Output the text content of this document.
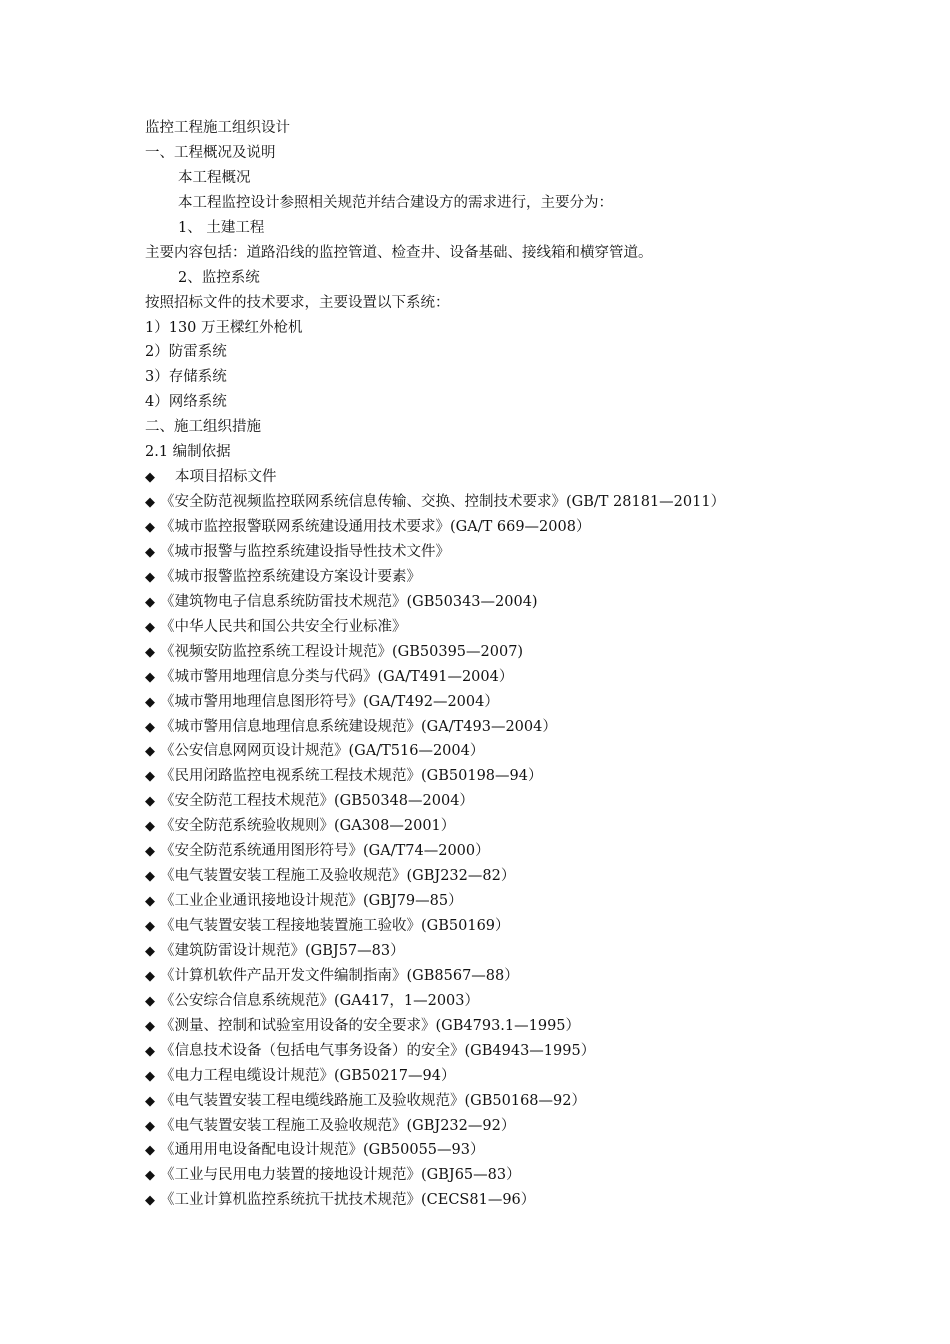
监控工程施工组织设计
一、工程概况及说明
本工程概况
本工程监控设计参照相关规范并结合建设方的需求进行，主要分为：
1、 土建工程
主要内容包括：道路沿线的监控管道、检查井、设备基础、接线箱和横穿管道。
2、监控系统
按照招标文件的技术要求，主要设置以下系统：
1）130 万王樑红外枪机
2）防雷系统
3）存储系统
4）网络系统
二、施工组织措施
2.1 编制依据
◆ 本项目招标文件
◆ 《安全防范视频监控联网系统信息传输、交换、控制技术要求》(GB/T 28181—2011）
◆ 《城市监控报警联网系统建设通用技术要求》(GA/T 669—2008）
◆ 《城市报警与监控系统建设指导性技术文件》
◆ 《城市报警监控系统建设方案设计要素》
◆ 《建筑物电子信息系统防雷技术规范》(GB50343—2004)
◆ 《中华人民共和国公共安全行业标准》
◆ 《视频安防监控系统工程设计规范》(GB50395—2007)
◆ 《城市警用地理信息分类与代码》(GA/T491—2004）
◆ 《城市警用地理信息图形符号》(GA/T492—2004）
◆ 《城市警用信息地理信息系统建设规范》(GA/T493—2004）
◆ 《公安信息网网页设计规范》(GA/T516—2004）
◆ 《民用闭路监控电视系统工程技术规范》(GB50198—94）
◆ 《安全防范工程技术规范》(GB50348—2004）
◆ 《安全防范系统验收规则》(GA308—2001）
◆ 《安全防范系统通用图形符号》(GA/T74—2000）
◆ 《电气装置安装工程施工及验收规范》(GBJ232—82）
◆ 《工业企业通讯接地设计规范》(GBJ79—85）
◆ 《电气装置安装工程接地装置施工验收》(GB50169）
◆ 《建筑防雷设计规范》(GBJ57—83）
◆ 《计算机软件产品开发文件编制指南》(GB8567—88）
◆ 《公安综合信息系统规范》(GA417，1—2003）
◆ 《测量、控制和试验室用设备的安全要求》(GB4793.1—1995）
◆ 《信息技术设备（包括电气事务设备）的安全》(GB4943—1995）
◆ 《电力工程电缆设计规范》(GB50217—94）
◆ 《电气装置安装工程电缆线路施工及验收规范》(GB50168—92）
◆ 《电气装置安装工程施工及验收规范》(GBJ232—92）
◆ 《通用用电设备配电设计规范》(GB50055—93）
◆ 《工业与民用电力装置的接地设计规范》(GBJ65—83）
◆ 《工业计算机监控系统抗干扰技术规范》(CECS81—96）
